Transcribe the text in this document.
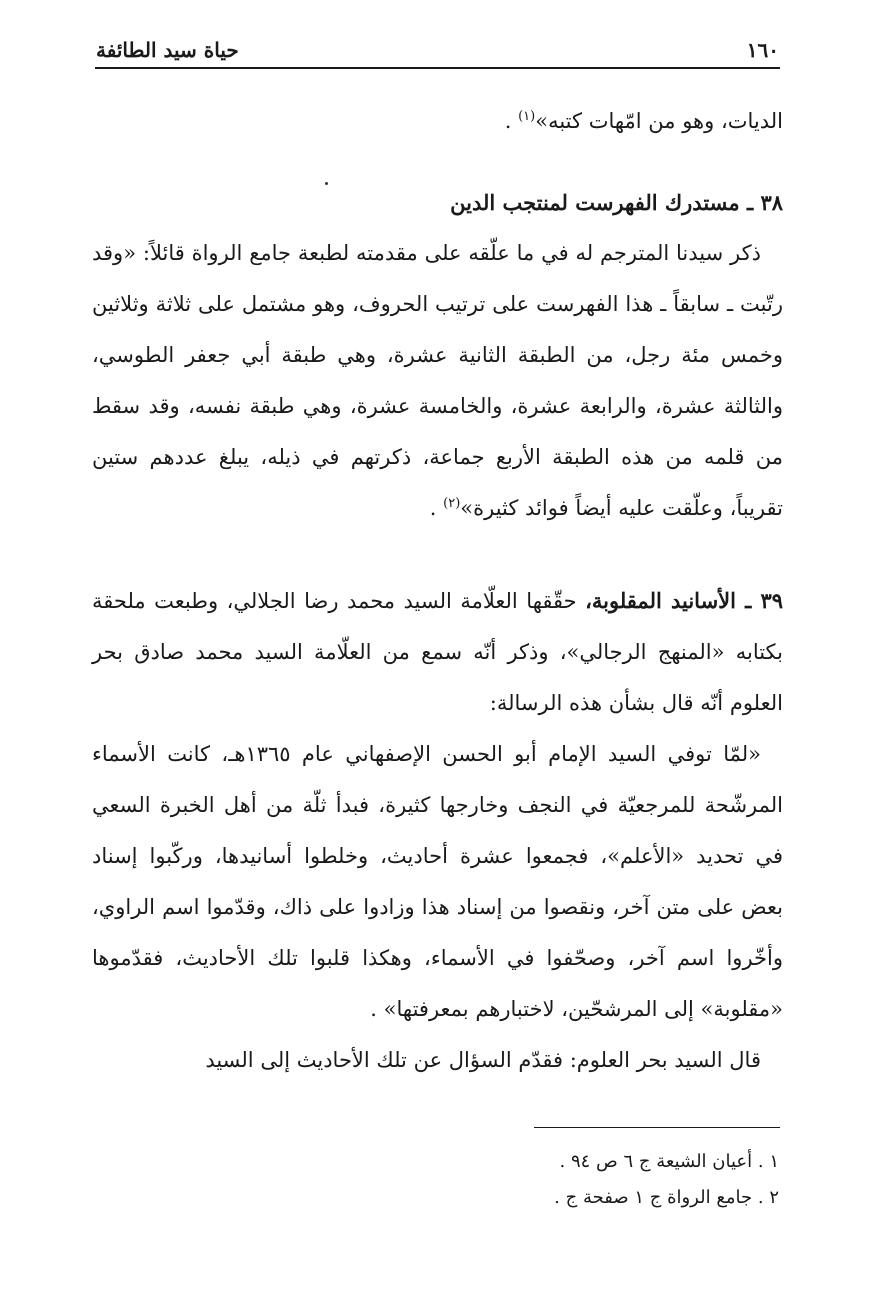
١٦٠
حياة سيد الطائفة

الديات، وهو من امّهات كتبه»$^{(١)}$ .

٣٨ ـ مستدرك الفهرست لمنتجب الدين

ذكر سيدنا المترجم له في ما علّقه على مقدمته لطبعة جامع الرواة قائلاً: «وقد رتّبت ـ سابقاً ـ هذا الفهرست على ترتيب الحروف، وهو مشتمل على ثلاثة وثلاثين وخمس مئة رجل، من الطبقة الثانية عشرة، وهي طبقة أبي جعفر الطوسي، والثالثة عشرة، والرابعة عشرة، والخامسة عشرة، وهي طبقة نفسه، وقد سقط من قلمه من هذه الطبقة الأربع جماعة، ذكرتهم في ذيله، يبلغ عددهم ستين تقريباً، وعلّقت عليه أيضاً فوائد كثيرة»$^{(٢)}$ .

٣٩ ـ الأسانيد المقلوبة، حقّقها العلّامة السيد محمد رضا الجلالي، وطبعت ملحقة بكتابه «المنهج الرجالي»، وذكر أنّه سمع من العلّامة السيد محمد صادق بحر العلوم أنّه قال بشأن هذه الرسالة:

«لمّا توفي السيد الإمام أبو الحسن الإصفهاني عام ١٣٦٥هـ، كانت الأسماء المرشّحة للمرجعيّة في النجف وخارجها كثيرة، فبدأ ثلّة من أهل الخبرة السعي في تحديد «الأعلم»، فجمعوا عشرة أحاديث، وخلطوا أسانيدها، وركّبوا إسناد بعض على متن آخر، ونقصوا من إسناد هذا وزادوا على ذاك، وقدّموا اسم الراوي، وأخّروا اسم آخر، وصحّفوا في الأسماء، وهكذا قلبوا تلك الأحاديث، فقدّموها «مقلوبة» إلى المرشحّين، لاختبارهم بمعرفتها» .

قال السيد بحر العلوم: فقدّم السؤال عن تلك الأحاديث إلى السيد

١ . أعيان الشيعة ج ٦ ص ٩٤ .

٢ . جامع الرواة ج ١ صفحة ج .
